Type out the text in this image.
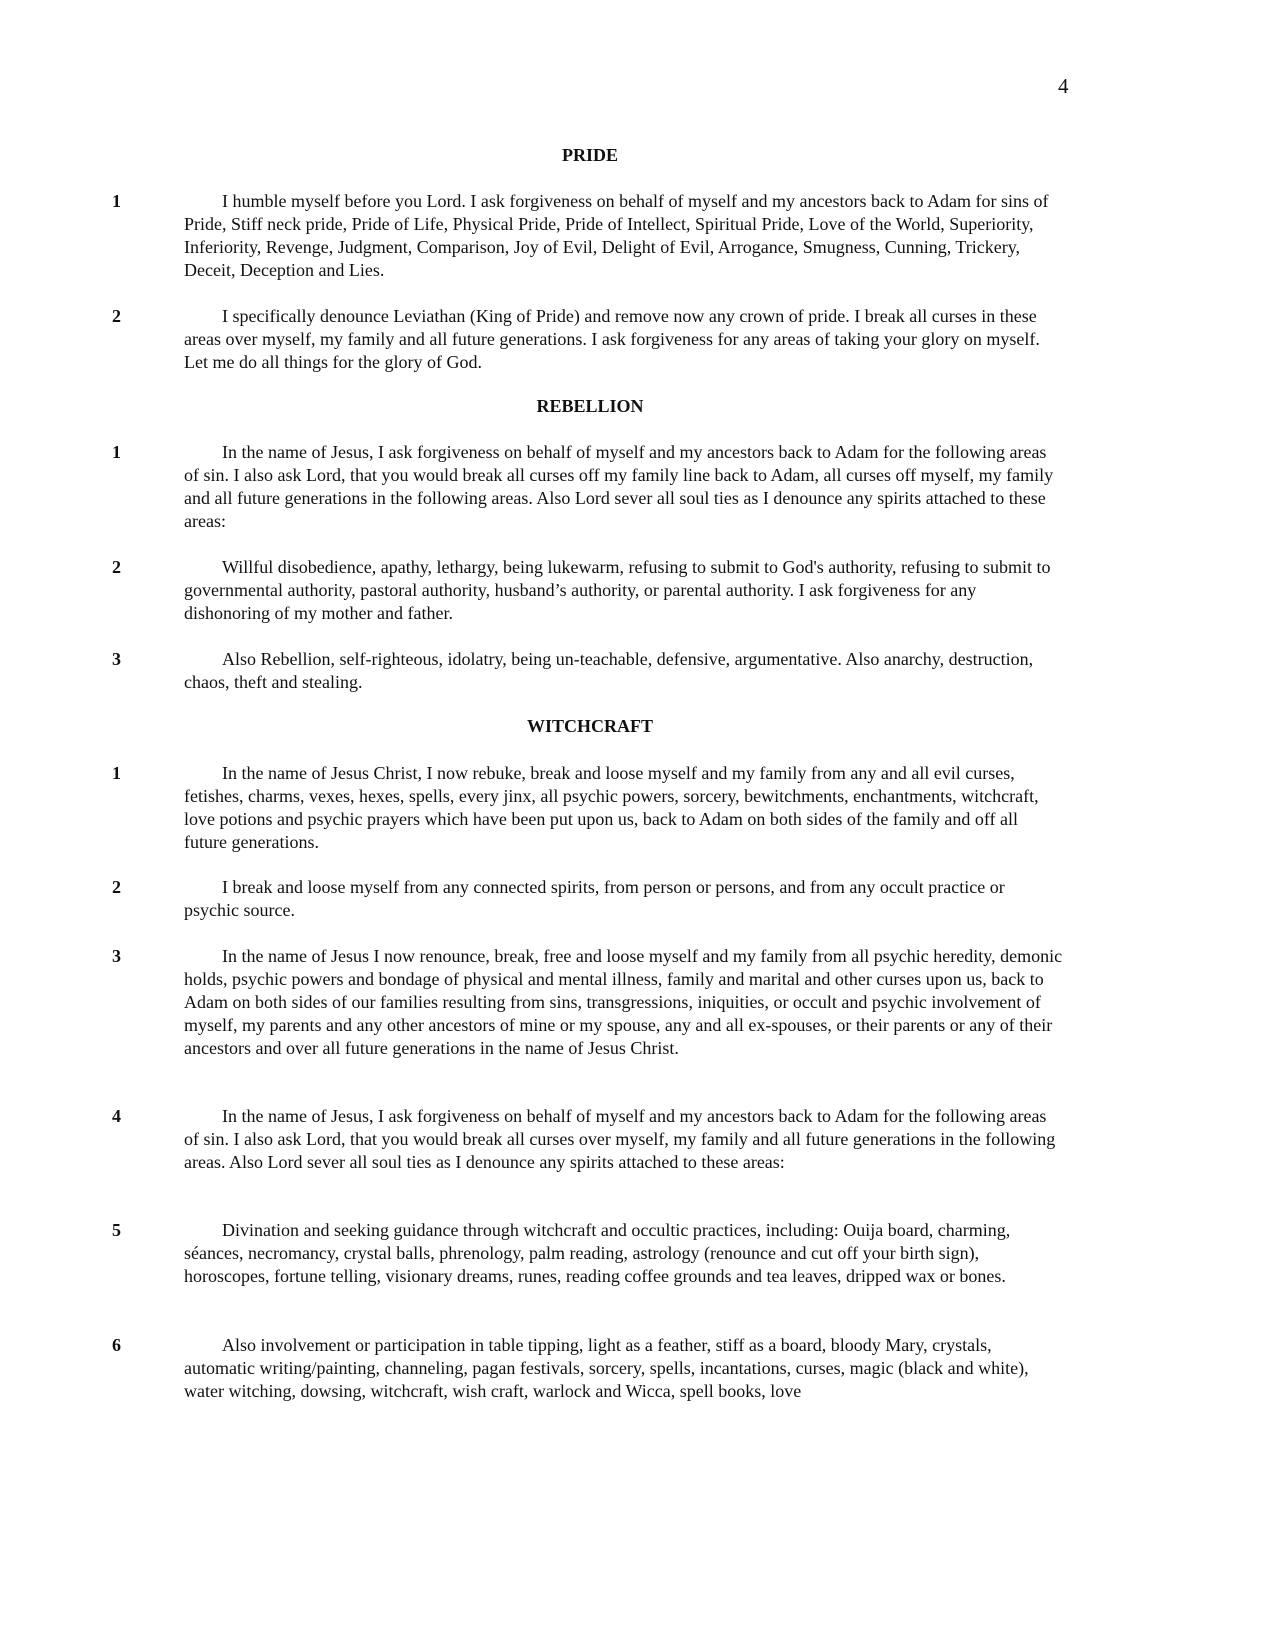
4
PRIDE
1	I humble myself before you Lord. I ask forgiveness on behalf of myself and my ancestors back to Adam for sins of Pride, Stiff neck pride, Pride of Life, Physical Pride, Pride of Intellect, Spiritual Pride, Love of the World, Superiority, Inferiority, Revenge, Judgment, Comparison, Joy of Evil, Delight of Evil, Arrogance, Smugness, Cunning, Trickery, Deceit, Deception and Lies.
2	I specifically denounce Leviathan (King of Pride) and remove now any crown of pride. I break all curses in these areas over myself, my family and all future generations. I ask forgiveness for any areas of taking your glory on myself. Let me do all things for the glory of God.
REBELLION
1	In the name of Jesus, I ask forgiveness on behalf of myself and my ancestors back to Adam for the following areas of sin. I also ask Lord, that you would break all curses off my family line back to Adam, all curses off myself, my family and all future generations in the following areas. Also Lord sever all soul ties as I denounce any spirits attached to these areas:
2	Willful disobedience, apathy, lethargy, being lukewarm, refusing to submit to God's authority, refusing to submit to governmental authority, pastoral authority, husband’s authority, or parental authority. I ask forgiveness for any dishonoring of my mother and father.
3	Also Rebellion, self-righteous, idolatry, being un-teachable, defensive, argumentative. Also anarchy, destruction, chaos, theft and stealing.
WITCHCRAFT
1	In the name of Jesus Christ, I now rebuke, break and loose myself and my family from any and all evil curses, fetishes, charms, vexes, hexes, spells, every jinx, all psychic powers, sorcery, bewitchments, enchantments, witchcraft, love potions and psychic prayers which have been put upon us, back to Adam on both sides of the family and off all future generations.
2	I break and loose myself from any connected spirits, from person or persons, and from any occult practice or psychic source.
3	In the name of Jesus I now renounce, break, free and loose myself and my family from all psychic heredity, demonic holds, psychic powers and bondage of physical and mental illness, family and marital and other curses upon us, back to Adam on both sides of our families resulting from sins, transgressions, iniquities, or occult and psychic involvement of myself, my parents and any other ancestors of mine or my spouse, any and all ex-spouses, or their parents or any of their ancestors and over all future generations in the name of Jesus Christ.
4	In the name of Jesus, I ask forgiveness on behalf of myself and my ancestors back to Adam for the following areas of sin. I also ask Lord, that you would break all curses over myself, my family and all future generations in the following areas. Also Lord sever all soul ties as I denounce any spirits attached to these areas:
5	Divination and seeking guidance through witchcraft and occultic practices, including: Ouija board, charming, séances, necromancy, crystal balls, phrenology, palm reading, astrology (renounce and cut off your birth sign), horoscopes, fortune telling, visionary dreams, runes, reading coffee grounds and tea leaves, dripped wax or bones.
6	Also involvement or participation in table tipping, light as a feather, stiff as a board, bloody Mary, crystals, automatic writing/painting, channeling, pagan festivals, sorcery, spells, incantations, curses, magic (black and white), water witching, dowsing, witchcraft, wish craft, warlock and Wicca, spell books, love
